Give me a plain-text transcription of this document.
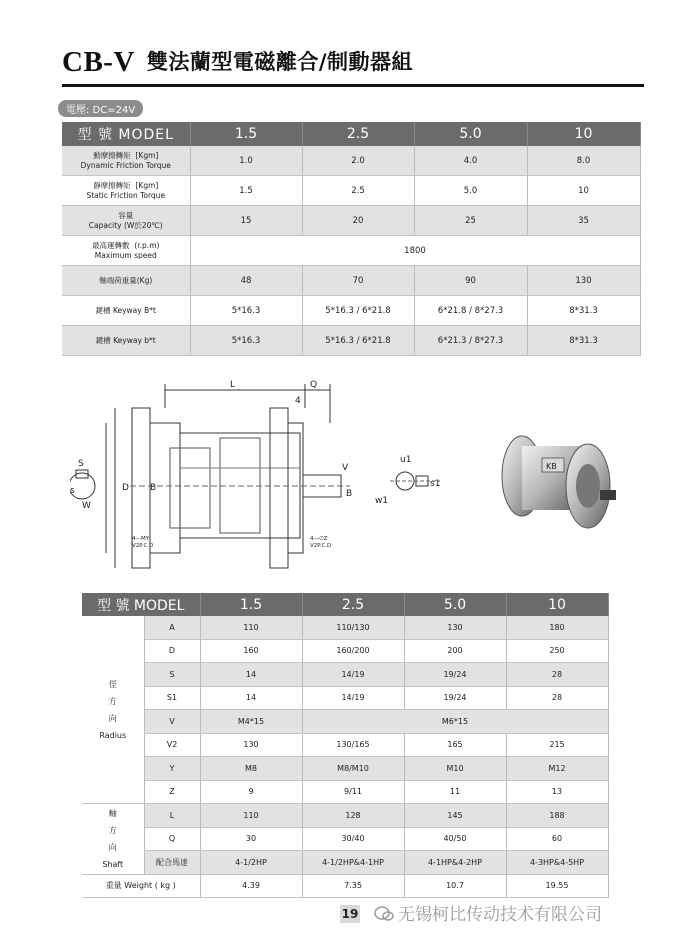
CB-V 雙法蘭型電磁離合/制動器組
電壓: DC=24V
型 號 MODEL	1.5	2.5	5.0	10
動摩擦轉矩 [Kgm]
Dynamic Friction Torque	1.0	2.0	4.0	8.0
靜摩擦轉矩 [Kgm]
Static Friction Torque	1.5	2.5	5.0	10
容量
Capacity (W於20℃)	15	20	25	35
最高運轉數 (r.p.m)
Maximum speed	1800			
軸端荷重量(Kg)	48	70	90	130
鍵槽 Keyway B*t	5*16.3	5*16.3 / 6*21.8	6*21.8 / 8*27.3	8*31.3
鍵槽 Keyway b*t	5*16.3	5*16.3 / 6*21.8	6*21.3 / 8*27.3	8*31.3
L	Q
4
V
D B
B
S
W
s
u1
w1
s1
4—MY
V2P.C.D
4—∅Z
V2P.C.D
KB
型 號 MODEL		1.5	2.5	5.0	10
徑
方
向
Radius	A	110	110/130	130	180
	D	160	160/200	200	250
	S	14	14/19	19/24	28
	S1	14	14/19	19/24	28
	V	M4*15	M6*15		
	V2	130	130/165	165	215
	Y	M8	M8/M10	M10	M12
	Z	9	9/11	11	13
軸
方
向
Shaft	L	110	128	145	188
	Q	30	30/40	40/50	60
	配合馬達	4-1/2HP	4-1/2HP&4-1HP	4-1HP&4-2HP	4-3HP&4-5HP
重量 Weight ( kg )		4.39	7.35	10.7	19.55
19 无锡柯比传动技术有限公司
